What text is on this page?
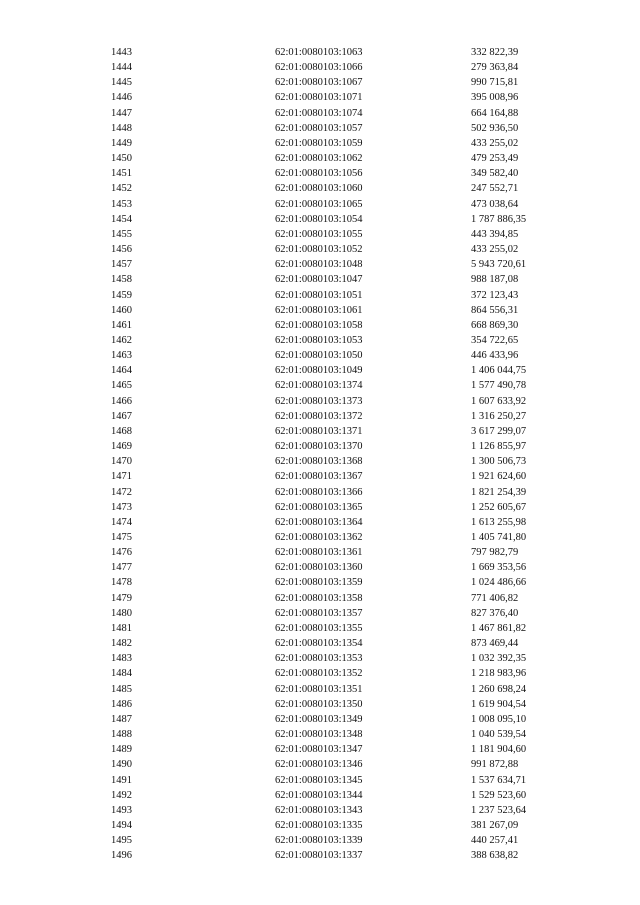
1443	62:01:0080103:1063	332 822,39
1444	62:01:0080103:1066	279 363,84
1445	62:01:0080103:1067	990 715,81
1446	62:01:0080103:1071	395 008,96
1447	62:01:0080103:1074	664 164,88
1448	62:01:0080103:1057	502 936,50
1449	62:01:0080103:1059	433 255,02
1450	62:01:0080103:1062	479 253,49
1451	62:01:0080103:1056	349 582,40
1452	62:01:0080103:1060	247 552,71
1453	62:01:0080103:1065	473 038,64
1454	62:01:0080103:1054	1 787 886,35
1455	62:01:0080103:1055	443 394,85
1456	62:01:0080103:1052	433 255,02
1457	62:01:0080103:1048	5 943 720,61
1458	62:01:0080103:1047	988 187,08
1459	62:01:0080103:1051	372 123,43
1460	62:01:0080103:1061	864 556,31
1461	62:01:0080103:1058	668 869,30
1462	62:01:0080103:1053	354 722,65
1463	62:01:0080103:1050	446 433,96
1464	62:01:0080103:1049	1 406 044,75
1465	62:01:0080103:1374	1 577 490,78
1466	62:01:0080103:1373	1 607 633,92
1467	62:01:0080103:1372	1 316 250,27
1468	62:01:0080103:1371	3 617 299,07
1469	62:01:0080103:1370	1 126 855,97
1470	62:01:0080103:1368	1 300 506,73
1471	62:01:0080103:1367	1 921 624,60
1472	62:01:0080103:1366	1 821 254,39
1473	62:01:0080103:1365	1 252 605,67
1474	62:01:0080103:1364	1 613 255,98
1475	62:01:0080103:1362	1 405 741,80
1476	62:01:0080103:1361	797 982,79
1477	62:01:0080103:1360	1 669 353,56
1478	62:01:0080103:1359	1 024 486,66
1479	62:01:0080103:1358	771 406,82
1480	62:01:0080103:1357	827 376,40
1481	62:01:0080103:1355	1 467 861,82
1482	62:01:0080103:1354	873 469,44
1483	62:01:0080103:1353	1 032 392,35
1484	62:01:0080103:1352	1 218 983,96
1485	62:01:0080103:1351	1 260 698,24
1486	62:01:0080103:1350	1 619 904,54
1487	62:01:0080103:1349	1 008 095,10
1488	62:01:0080103:1348	1 040 539,54
1489	62:01:0080103:1347	1 181 904,60
1490	62:01:0080103:1346	991 872,88
1491	62:01:0080103:1345	1 537 634,71
1492	62:01:0080103:1344	1 529 523,60
1493	62:01:0080103:1343	1 237 523,64
1494	62:01:0080103:1335	381 267,09
1495	62:01:0080103:1339	440 257,41
1496	62:01:0080103:1337	388 638,82
